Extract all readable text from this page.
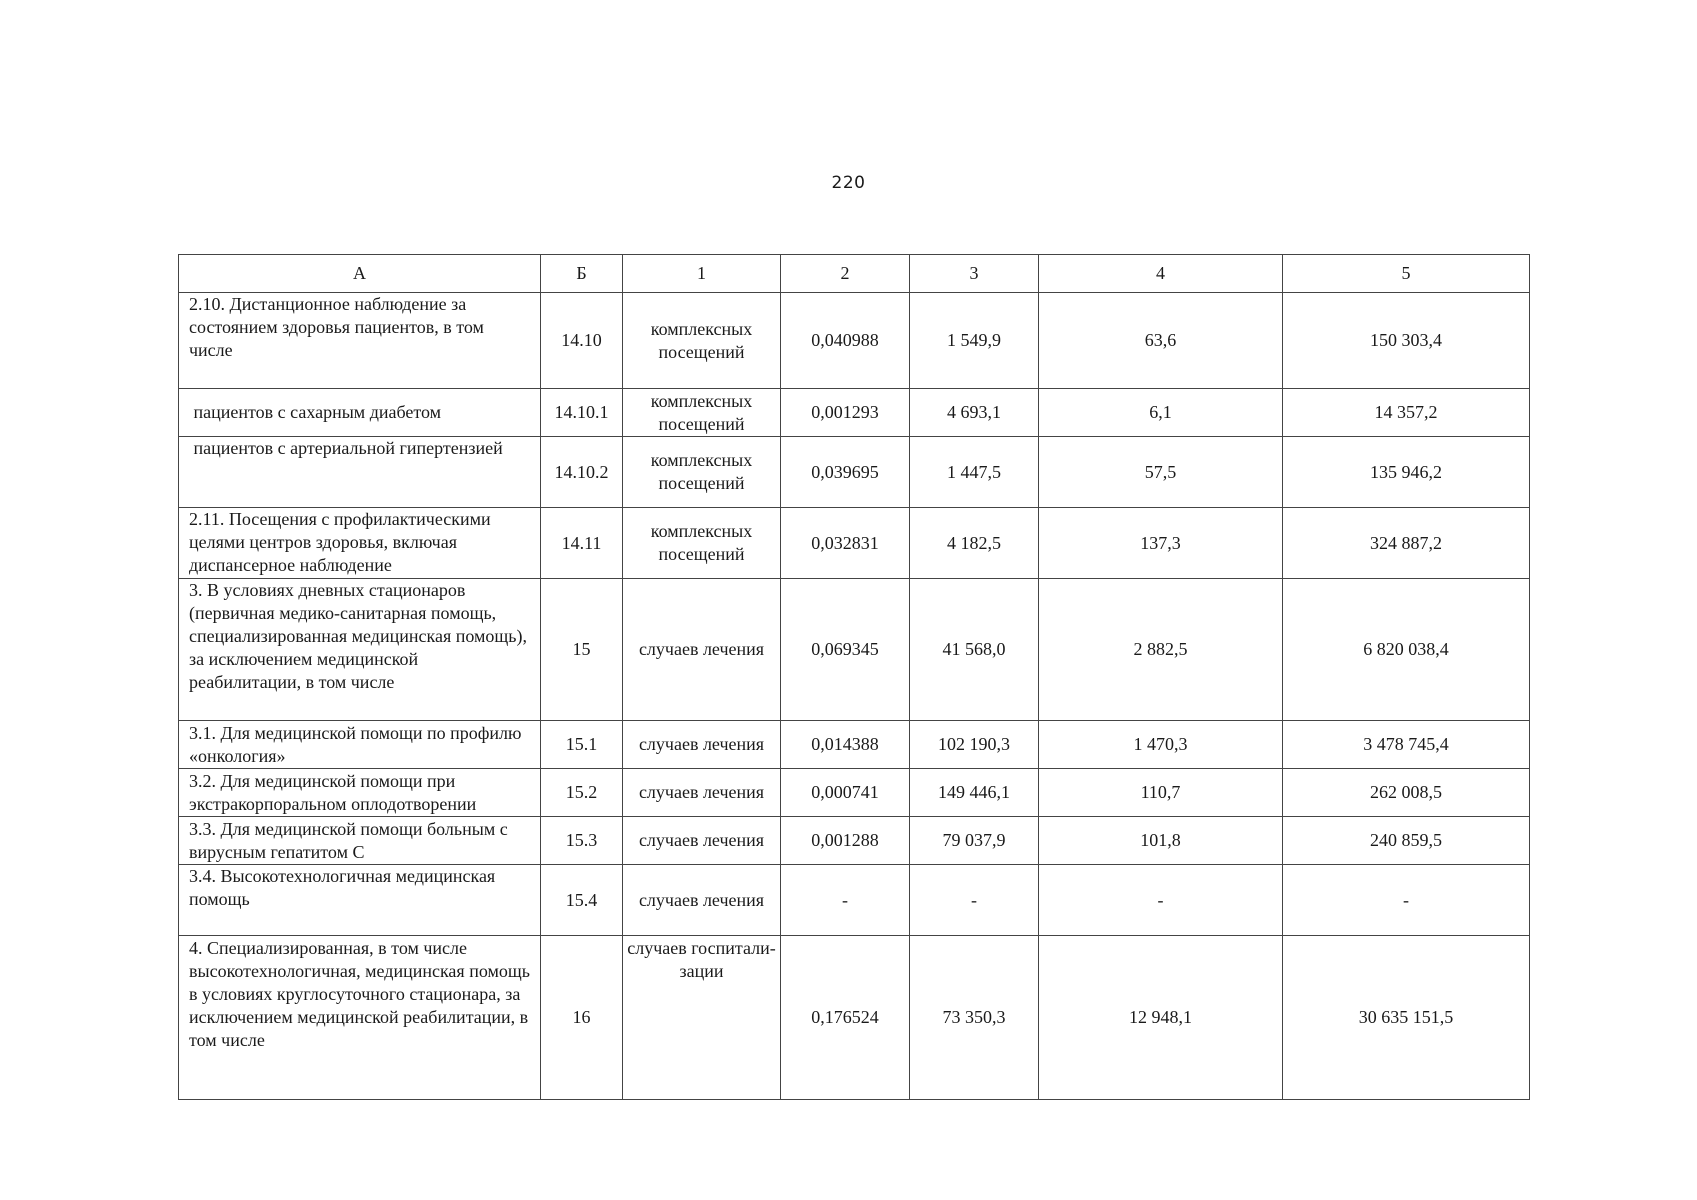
220
А	Б	1	2	3	4	5
2.10. Дистанционное наблюдение за состоянием здоровья пациентов, в том числе	14.10	комплексных посещений	0,040988	1 549,9	63,6	150 303,4
пациентов с сахарным диабетом	14.10.1	комплексных посещений	0,001293	4 693,1	6,1	14 357,2
пациентов с артериальной гипертензией	14.10.2	комплексных посещений	0,039695	1 447,5	57,5	135 946,2
2.11. Посещения с профилактическими целями центров здоровья, включая диспансерное наблюдение	14.11	комплексных посещений	0,032831	4 182,5	137,3	324 887,2
3. В условиях дневных стационаров (первичная медико-санитарная помощь, специализированная медицинская помощь), за исключением медицинской реабилитации, в том числе	15	случаев лечения	0,069345	41 568,0	2 882,5	6 820 038,4
3.1. Для медицинской помощи по профилю «онкология»	15.1	случаев лечения	0,014388	102 190,3	1 470,3	3 478 745,4
3.2. Для медицинской помощи при экстракорпоральном оплодотворении	15.2	случаев лечения	0,000741	149 446,1	110,7	262 008,5
3.3. Для медицинской помощи больным с вирусным гепатитом С	15.3	случаев лечения	0,001288	79 037,9	101,8	240 859,5
3.4. Высокотехнологичная медицинская помощь	15.4	случаев лечения	-	-	-	-
4. Специализированная, в том числе высокотехнологичная, медицинская помощь в условиях круглосуточного стационара, за исключением медицинской реабилитации, в том числе	16	случаев госпитали-зации	0,176524	73 350,3	12 948,1	30 635 151,5
